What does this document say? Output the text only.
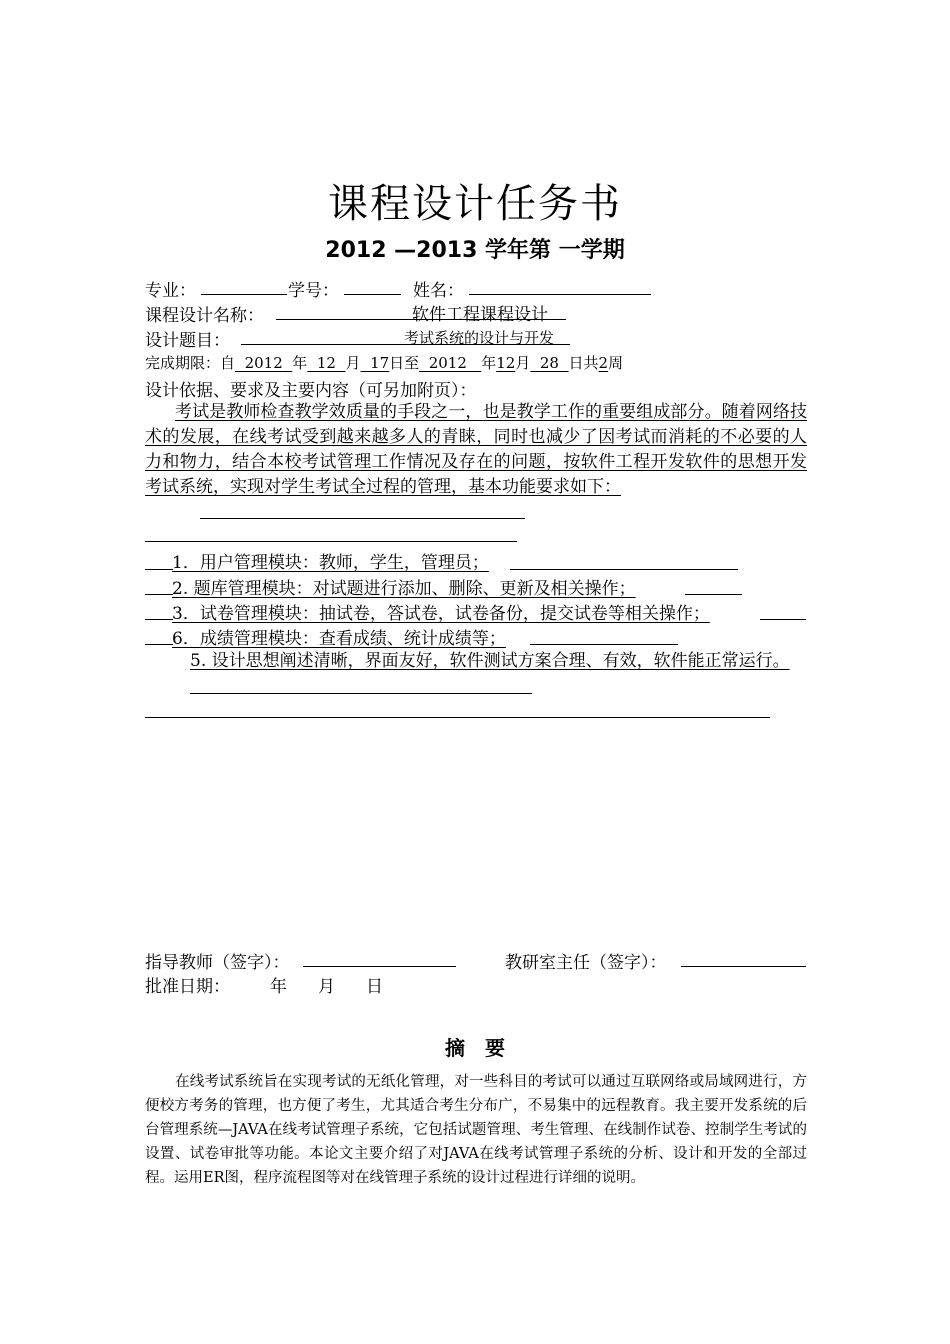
课程设计任务书
2012 —2013 学年第 一学期
专业：	学号：	姓名：
课程设计名称：	软件工程课程设计
设计题目：	考试系统的设计与开发
完成期限：自 2012 年 12 月 17日至 2012 年12月 28 日共2周
设计依据、要求及主要内容（可另加附页）：
考试是教师检查教学效质量的手段之一，也是教学工作的重要组成部分。随着网络技术的发展，在线考试受到越来越多人的青睐，同时也减少了因考试而消耗的不必要的人力和物力，结合本校考试管理工作情况及存在的问题，按软件工程开发软件的思想开发考试系统，实现对学生考试全过程的管理，基本功能要求如下：
1．用户管理模块：教师，学生，管理员；
2. 题库管理模块：对试题进行添加、删除、更新及相关操作；
3．试卷管理模块：抽试卷，答试卷，试卷备份，提交试卷等相关操作；
6．成绩管理模块：查看成绩、统计成绩等；
5. 设计思想阐述清晰，界面友好，软件测试方案合理、有效，软件能正常运行。
指导教师（签字）：	教研室主任（签字）：
批准日期： 年 月 日
摘　要
在线考试系统旨在实现考试的无纸化管理，对一些科目的考试可以通过互联网络或局域网进行，方便校方考务的管理，也方便了考生，尤其适合考生分布广，不易集中的远程教育。我主要开发系统的后台管理系统—JAVA在线考试管理子系统，它包括试题管理、考生管理、在线制作试卷、控制学生考试的设置、试卷审批等功能。本论文主要介绍了对JAVA在线考试管理子系统的分析、设计和开发的全部过程。运用ER图，程序流程图等对在线管理子系统的设计过程进行详细的说明。
